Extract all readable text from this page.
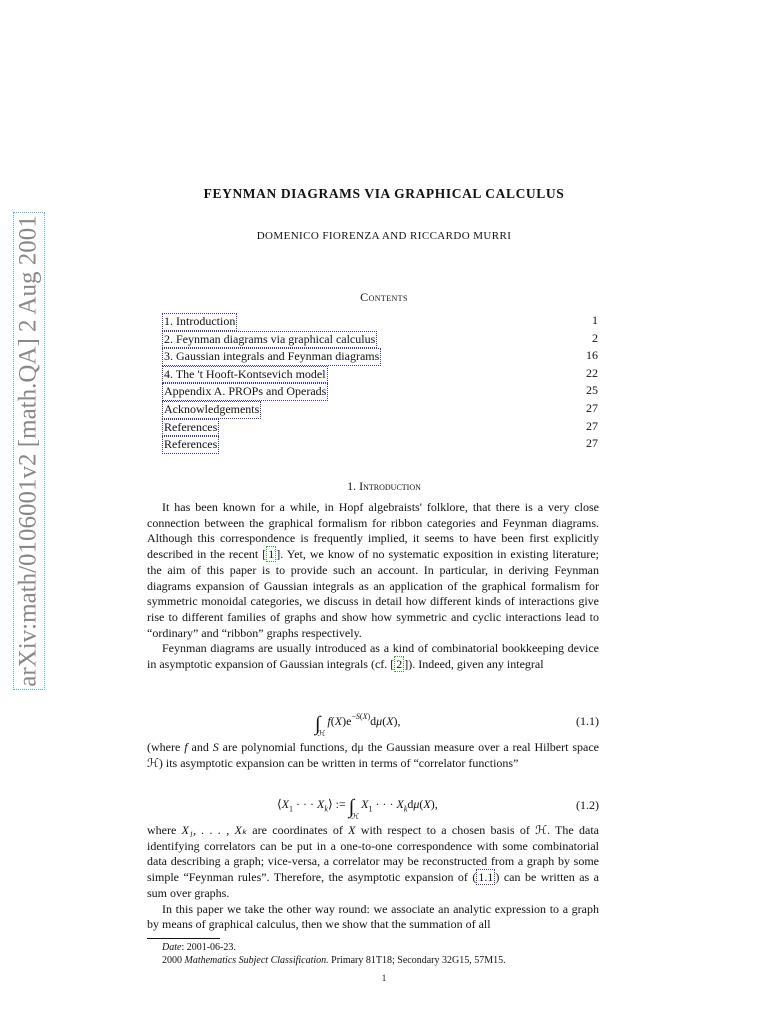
arXiv:math/0106001v2 [math.QA] 2 Aug 2001
FEYNMAN DIAGRAMS VIA GRAPHICAL CALCULUS
DOMENICO FIORENZA AND RICCARDO MURRI
Contents
1. Introduction	1
2. Feynman diagrams via graphical calculus	2
3. Gaussian integrals and Feynman diagrams	16
4. The 't Hooft-Kontsevich model	22
Appendix A. PROPs and Operads	25
Acknowledgements	27
References	27
References	27
1. Introduction

It has been known for a while, in Hopf algebraists' folklore, that there is a very close connection between the graphical formalism for ribbon categories and Feynman diagrams. Although this correspondence is frequently implied, it seems to have been first explicitly described in the recent [ 1 ]. Yet, we know of no systematic exposition in existing literature; the aim of this paper is to provide such an account. In particular, in deriving Feynman diagrams expansion of Gaussian integrals as an application of the graphical formalism for symmetric monoidal categories, we discuss in detail how different kinds of interactions give rise to different families of graphs and show how symmetric and cyclic interactions lead to “ordinary” and “ribbon” graphs respectively.

Feynman diagrams are usually introduced as a kind of combinatorial bookkeeping device in asymptotic expansion of Gaussian integrals (cf. [ 2 ]). Indeed, given any integral

$\int_ℋf(X)e^{-S(X)}d\mu(X)$,	(1.1)

(where f and S are polynomial functions, dμ the Gaussian measure over a real Hilbert space ℋ) its asymptotic expansion can be written in terms of “correlator functions”

$⟨X_1$ · · · $X_k⟩$ := $\int_ℋX_1$ · · · $X_kd\mu(X)$,	(1.2)

where X₁, . . . , Xₖ are coordinates of X with respect to a chosen basis of ℋ. The data identifying correlators can be put in a one-to-one correspondence with some combinatorial data describing a graph; vice-versa, a correlator may be reconstructed from a graph by some simple “Feynman rules”. Therefore, the asymptotic expansion of ( 1.1 ) can be written as a sum over graphs.

In this paper we take the other way round: we associate an analytic expression to a graph by means of graphical calculus, then we show that the summation of all

Date: 2001-06-23.
2000 Mathematics Subject Classification. Primary 81T18; Secondary 32G15, 57M15.
1
